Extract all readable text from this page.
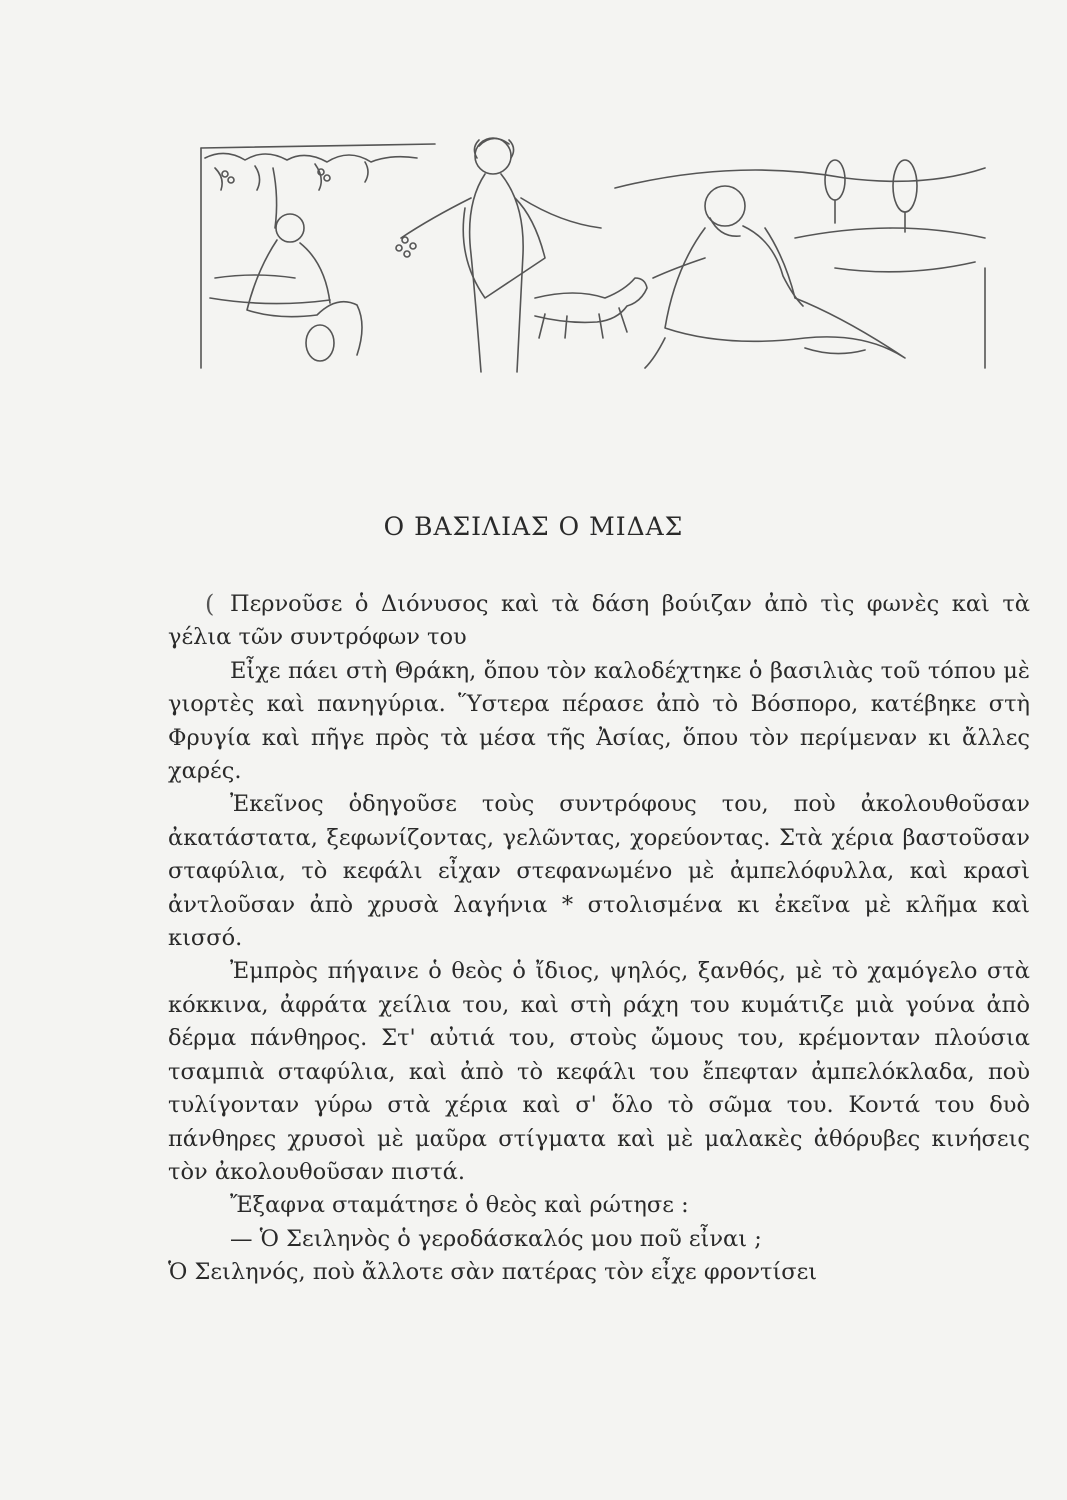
Ο ΒΑΣΙΛΙΑΣ Ο ΜΙΔΑΣ
( Περνοῦσε ὁ Διόνυσος καὶ τὰ δάση βούιζαν ἀπὸ τὶς φωνὲς καὶ τὰ γέλια τῶν συντρόφων του

Εἶχε πάει στὴ Θράκη, ὅπου τὸν καλοδέχτηκε ὁ βασιλιὰς τοῦ τόπου μὲ γιορτὲς καὶ πανηγύρια. Ὕστερα πέρασε ἀπὸ τὸ Βόσπορο, κατέβηκε στὴ Φρυγία καὶ πῆγε πρὸς τὰ μέσα τῆς Ἀσίας, ὅπου τὸν περίμεναν κι ἄλλες χαρές.

Ἐκεῖνος ὁδηγοῦσε τοὺς συντρόφους του, ποὺ ἀκολουθοῦσαν ἀκατάστατα, ξεφωνίζοντας, γελῶντας, χορεύοντας. Στὰ χέρια βαστοῦσαν σταφύλια, τὸ κεφάλι εἶχαν στεφανωμένο μὲ ἀμπελόφυλλα, καὶ κρασὶ ἀντλοῦσαν ἀπὸ χρυσὰ λαγήνια * στολισμένα κι ἐκεῖνα μὲ κλῆμα καὶ κισσό.

Ἐμπρὸς πήγαινε ὁ θεὸς ὁ ἴδιος, ψηλός, ξανθός, μὲ τὸ χαμόγελο στὰ κόκκινα, ἀφράτα χείλια του, καὶ στὴ ράχη του κυμάτιζε μιὰ γούνα ἀπὸ δέρμα πάνθηρος. Στ' αὐτιά του, στοὺς ὤμους του, κρέμονταν πλούσια τσαμπιὰ σταφύλια, καὶ ἀπὸ τὸ κεφάλι του ἔπεφταν ἀμπελόκλαδα, ποὺ τυλίγονταν γύρω στὰ χέρια καὶ σ' ὅλο τὸ σῶμα του. Κοντά του δυὸ πάνθηρες χρυσοὶ μὲ μαῦρα στίγματα καὶ μὲ μαλακὲς ἀθόρυβες κινήσεις τὸν ἀκολουθοῦσαν πιστά.

Ἔξαφνα σταμάτησε ὁ θεὸς καὶ ρώτησε :

— Ὁ Σειληνὸς ὁ γεροδάσκαλός μου ποῦ εἶναι ;

Ὁ Σειληνός, ποὺ ἄλλοτε σὰν πατέρας τὸν εἶχε φροντίσει
